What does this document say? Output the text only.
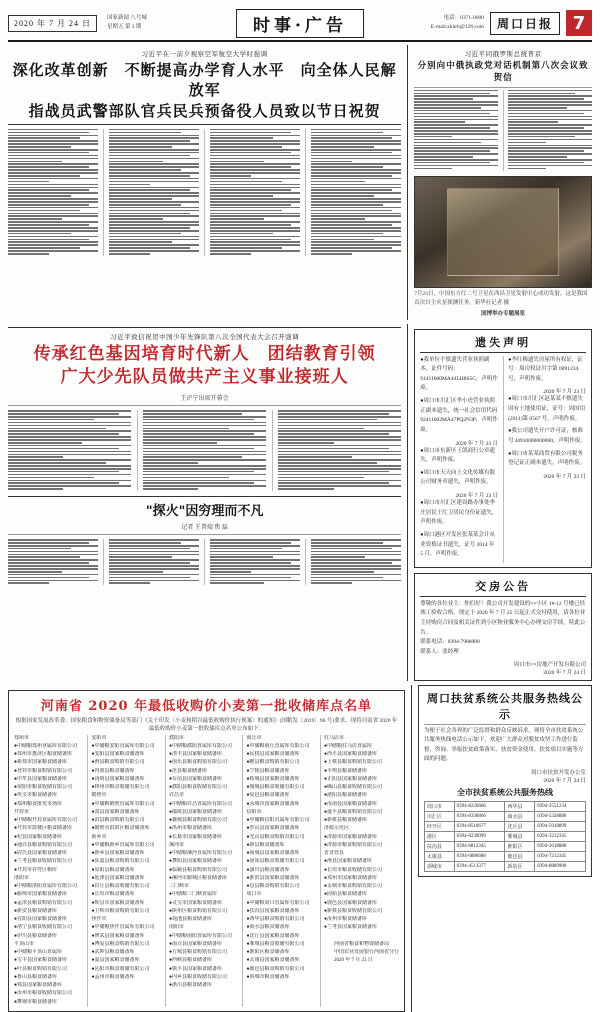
2020 年 7 月 24 日
国家新闻 八号城
星期五 第 3 期	时事·广告	电话：0371-0000
E-mail:zkhrb@126.com	周口日报	7
习近平在一前夕视察空军航空大学时强调
深化改革创新　不断提高办学育人水平　向全体人民解放军
指战员武警部队官兵民兵预备役人员致以节日祝贺
习近平同俄罗斯总统普京
分别向中俄执政党对话机制第八次会议致贺信
7月23日，中国东方红二号卫星在西昌卫星发射中心成功发射，这是我国首次自主火星探测任务。新华社记者 摄
国博举办专题展览
习近平致信祝贺中国少年先锋队第八次全国代表大会召开强调
传承红色基因培育时代新人　团结教育引领
广大少先队员做共产主义事业接班人
王沪宁出席开幕会
"探火"因穷理而不凡
记者 王普瑞 焦 磊
遗失声明
●我单位不慎遗失营业执照副本，证件号码：91411600MA44LH8S5C，声明作废。
●周口市川汇区李小虎营业执照正副本遗失，统一社会信用代码 92411602MA47PQ2N3P，声明作废。
2020 年 7 月 23 日
●周口市东新区王凯商行公章遗失，声明作废。
●周口市天天向上文化传媒有限公司财务章遗失，声明作废。
2020 年 7 月 23 日
●周口市川汇区建设路办事处李庄居民王红卫居民身份证遗失，声明作废。
●周口港区开发区张某某会计从业资格证书遗失，证号 2014 年 5 月，声明作废。
●李红梅遗失房屋所有权证，证号：周房权证川字第 0091234 号，声明作废。
2020 年 7 月 23 日
●周口市川汇区赵某某不慎遗失国有土地使用证，证号：周国用(2011)第 0567 号，声明作废。
●我公司遗失开户许可证，核准号 J4910000000000，声明作废。
●周口市某某商贸有限公司税务登记证正副本遗失，声明作废。
2020 年 7 月 23 日
交房公告
尊敬的各位业主：你们好！我公司开发建设的××小区 1#-12 号楼已经竣工验收合格，现定于 2020 年 7 月 25 日起正式交付使用，请各位业主持购房合同及相关证件到小区物业服务中心办理交房手续。特此公告。
联系电话：0394-7986000
联系人：张经理
周口市××房地产开发有限公司
2020 年 7 月 24 日
河南省 2020 年最低收购价小麦第一批收储库点名单
根据国家发展改革委、国家粮食和物资储备局等部门《关于印发〈小麦和稻谷最低收购价执行预案〉的通知》(国粮发〔2019〕96 号)要求，现将河南省 2020 年最低收购价小麦第一批收储库点名单公布如下：
郑州市
●中储粮郑州直属库有限公司
●郑州市惠济区粮食储备库
●新郑市国家粮食储备库
●登封市粮食购销有限公司
●中牟县国家粮食储备库
●荥阳市粮食收储有限公司
●巩义市粮食储备库
●郑州粮食批发市场库
开封市
●中储粮开封直属库有限公司
●开封市鼓楼区粮食储备库
●杞县国家粮食储备库
●通许县粮食购销有限公司
●尉氏县国家粮食储备库
●兰考县粮食收储有限公司
●开封市祥符区粮库
洛阳市
●中储粮洛阳直属库有限公司
●偃师市国家粮食储备库
●孟津县粮食购销有限公司
●新安县粮食储备库
●宜阳县国家粮食储备库
●洛宁县粮食收储有限公司
●伊川县粮食储备库
平顶山市
●中储粮平顶山直属库
●宝丰县国家粮食储备库
●叶县粮食购销有限公司
●鲁山县粮食储备库
●郏县国家粮食储备库
●汝州市粮食收储有限公司
●舞钢市粮食储备库
安阳市
●中储粮安阳直属库有限公司
●安阳县国家粮食储备库
●滑县粮食购销有限公司
●内黄县粮食储备库
●汤阴县国家粮食储备库
●林州市粮食收储有限公司
鹤壁市
●中储粮鹤壁直属库有限公司
●浚县国家粮食储备库
●淇县粮食购销有限公司
●鹤壁市淇滨区粮食储备库
新乡市
●中储粮新乡直属库有限公司
●新乡县国家粮食储备库
●获嘉县粮食购销有限公司
●原阳县粮食储备库
●延津县国家粮食储备库
●封丘县粮食收储有限公司
●长垣市粮食储备库
●辉县市国家粮食储备库
●卫辉市粮食购销有限公司
焦作市
●中储粮焦作直属库有限公司
●修武县国家粮食储备库
●博爱县粮食购销有限公司
●武陟县粮食储备库
●温县国家粮食储备库
●沁阳市粮食收储有限公司
●孟州市粮食储备库
濮阳市
●中储粮濮阳直属库有限公司
●清丰县国家粮食储备库
●南乐县粮食购销有限公司
●范县粮食储备库
●台前县国家粮食储备库
●濮阳县粮食收储有限公司
许昌市
●中储粮许昌直属库有限公司
●鄢陵县国家粮食储备库
●襄城县粮食购销有限公司
●禹州市粮食储备库
●长葛市国家粮食储备库
漯河市
●中储粮漯河直属库有限公司
●舞阳县国家粮食储备库
●临颍县粮食购销有限公司
●漯河市郾城区粮食储备库
三门峡市
●中储粮三门峡直属库
●灵宝市国家粮食储备库
●陕州区粮食购销有限公司
●渑池县粮食储备库
南阳市
●中储粮南阳直属库有限公司
●南召县国家粮食储备库
●方城县粮食购销有限公司
●西峡县粮食储备库
●镇平县国家粮食储备库
●内乡县粮食收储有限公司
●淅川县粮食储备库
商丘市
●中储粮商丘直属库有限公司
●民权县国家粮食储备库
●睢县粮食购销有限公司
●宁陵县粮食储备库
●柘城县国家粮食储备库
●虞城县粮食收储有限公司
●夏邑县粮食储备库
●永城市国家粮食储备库
信阳市
●中储粮信阳直属库有限公司
●罗山县国家粮食储备库
●光山县粮食购销有限公司
●新县粮食储备库
●商城县国家粮食储备库
●固始县粮食收储有限公司
●潢川县粮食储备库
●淮滨县国家粮食储备库
●息县粮食购销有限公司
周口市
●中储粮周口直属库有限公司
●扶沟县国家粮食储备库
●西华县粮食购销有限公司
●商水县粮食储备库
●沈丘县国家粮食储备库
●郸城县粮食收储有限公司
●淮阳区粮食储备库
●太康县国家粮食储备库
●鹿邑县粮食购销有限公司
●项城市粮食储备库
驻马店市
●中储粮驻马店直属库
●西平县国家粮食储备库
●上蔡县粮食购销有限公司
●平舆县粮食储备库
●正阳县国家粮食储备库
●确山县粮食收储有限公司
●泌阳县粮食储备库
●汝南县国家粮食储备库
●遂平县粮食购销有限公司
●新蔡县粮食储备库
济源示范区
●济源市国家粮食储备库
●济源市粮食购销有限公司
省直管县
●滑县国家粮食储备库
●长垣市粮食收储有限公司
●邓州市国家粮食储备库
●永城市粮食购销有限公司
●固始县粮食储备库
●鹿邑县国家粮食储备库
●新蔡县粮食收储有限公司
●汝州市粮食储备库
●兰考县国家粮食储备库

　　河南省粮食和物资储备局
　　中国农业发展银行河南省分行
　　2020 年 7 月 23 日
周口扶贫系统公共服务热线公示
为便于社会各界的广泛监督和群众反映诉求，现将全市扶贫系统公共服务热线电话公示如下，欢迎广大群众对脱贫攻坚工作进行监督，咨询、举报扶贫政策落实、扶贫资金使用、扶贫项目实施等方面的问题。
周口市扶贫开发办公室
2020 年 7 月 24 日
全市扶贫系统公共服务热线
周口市	0394-8226666	西华县	0394-2551234
川汇区	0394-8338866	商水县	0394-5328888
经开区	0394-8516677	沈丘县	0394-5918899
港区	0394-8230099	郸城县	0394-3212345
扶沟县	0394-6812345	淮阳区	0394-2618888
太康县	0394-6886688	鹿邑县	0394-7212345
项城市	0394-4513377	新站区	0394-8889900
